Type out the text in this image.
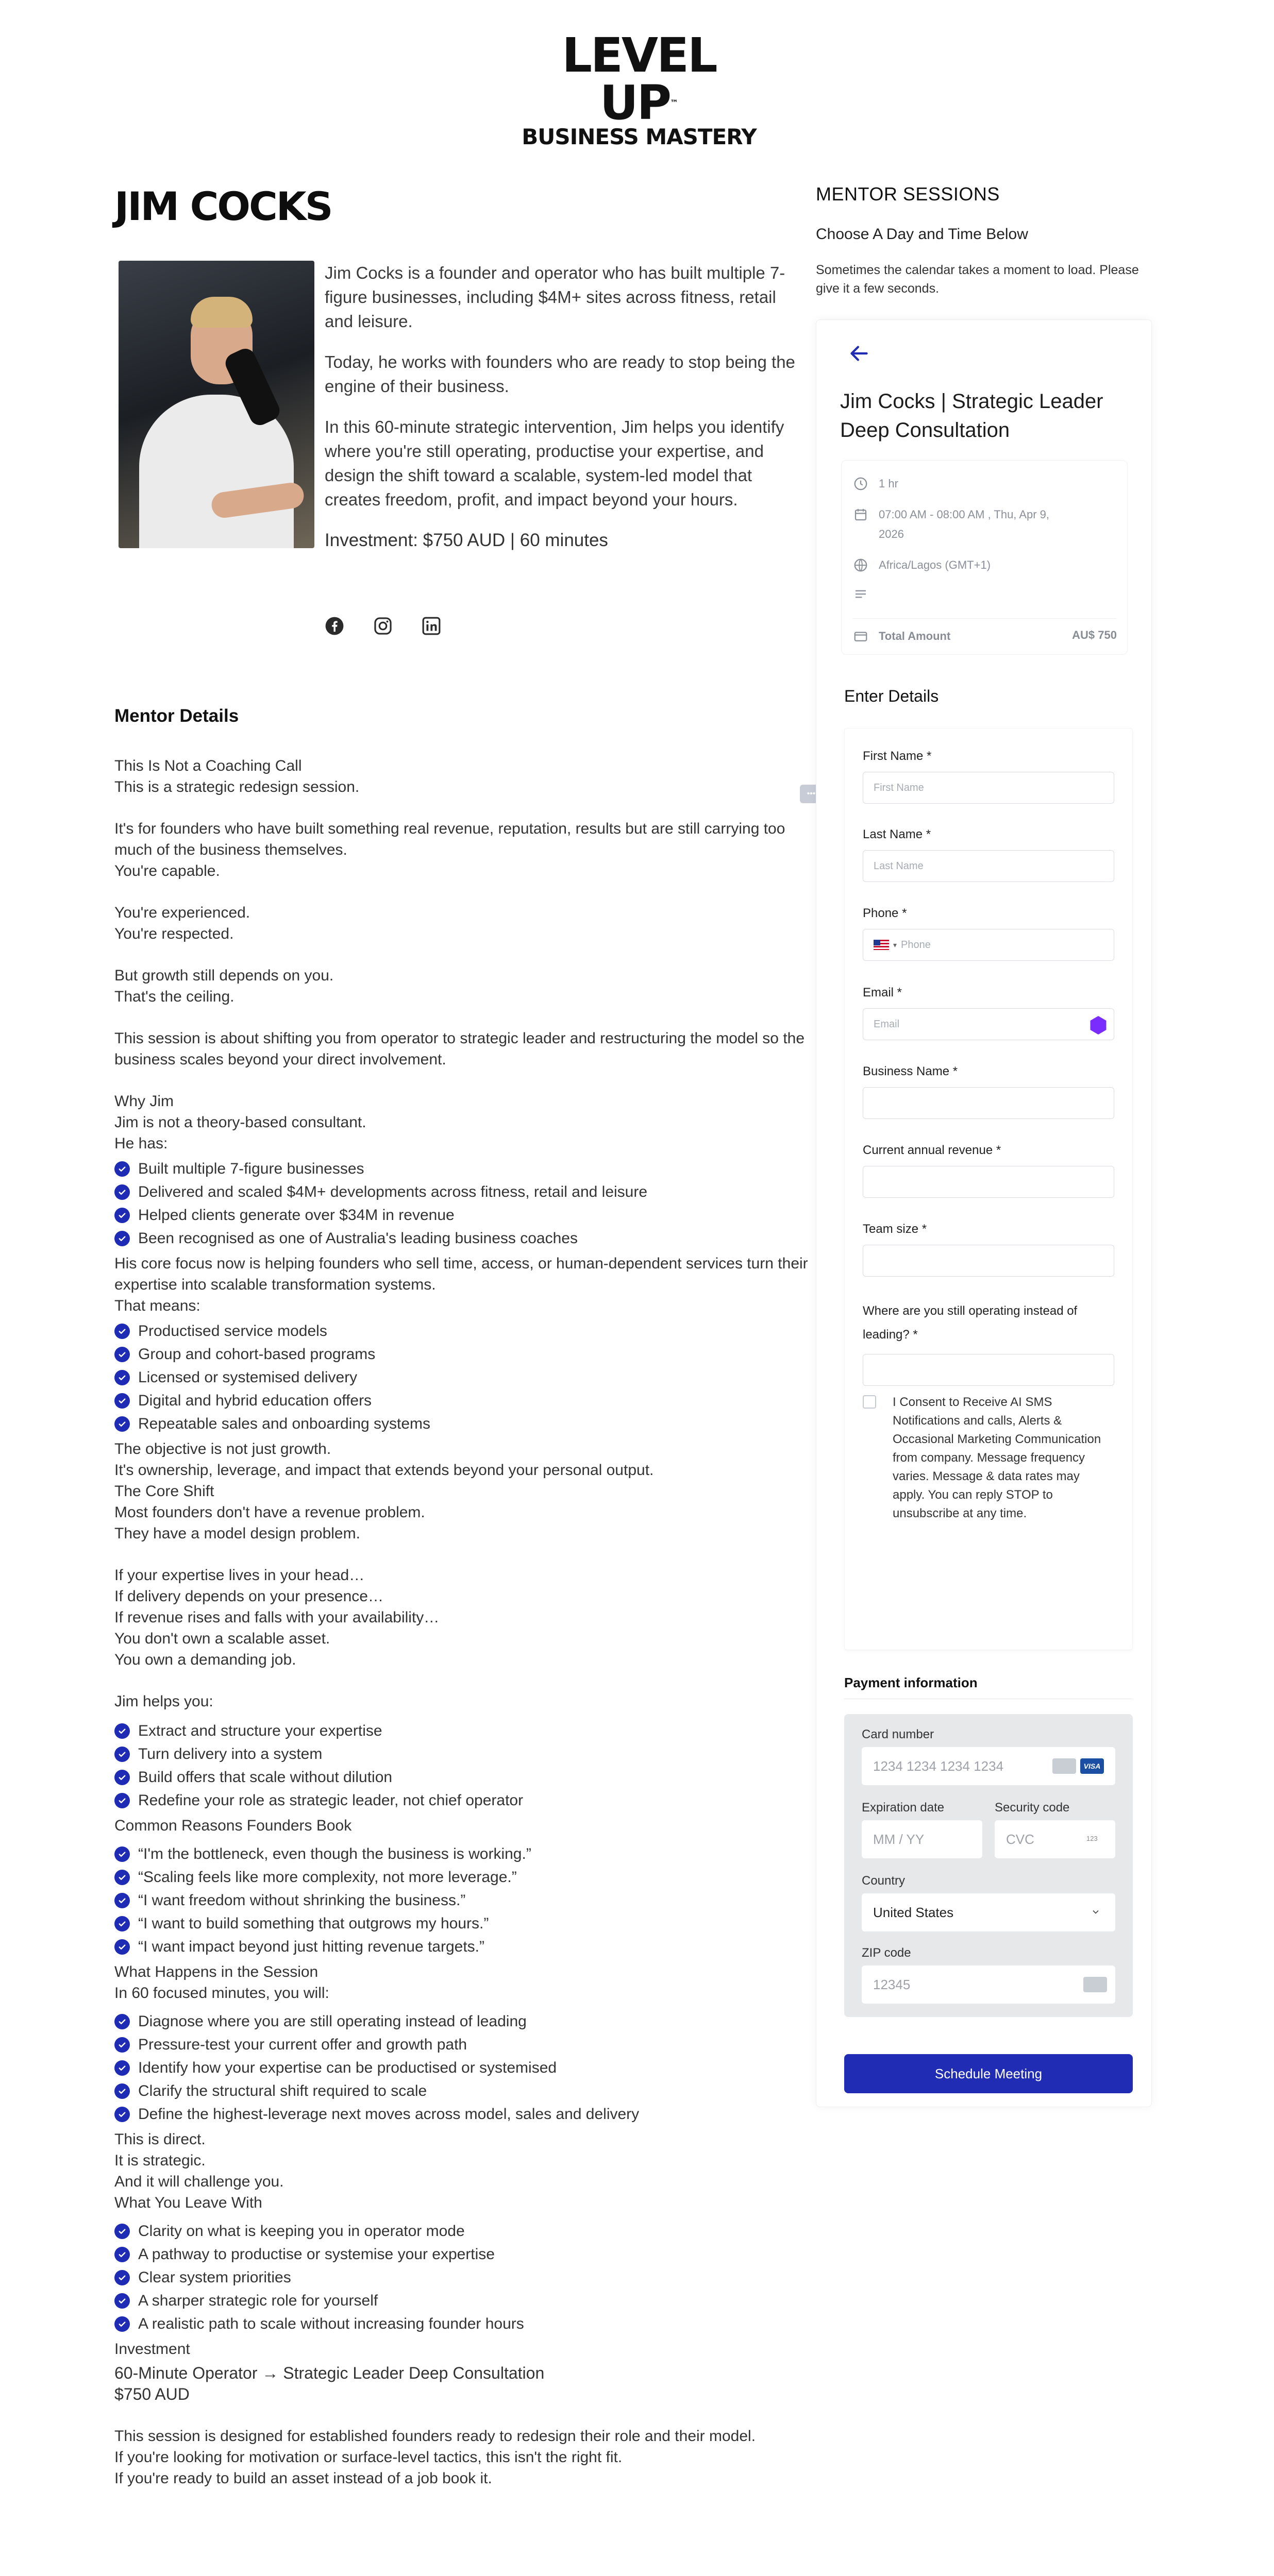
LEVEL UP™
BUSINESS MASTERY
JIM COCKS

Jim Cocks is a founder and operator who has built multiple 7-figure businesses, including $4M+ sites across fitness, retail and leisure.

Today, he works with founders who are ready to stop being the engine of their business.

In this 60-minute strategic intervention, Jim helps you identify where you're still operating, productise your expertise, and design the shift toward a scalable, system-led model that creates freedom, profit, and impact beyond your hours.

Investment: $750 AUD | 60 minutes
Mentor Details
•••
This Is Not a Coaching Call
This is a strategic redesign session.
It's for founders who have built something real revenue, reputation, results but are still carrying too much of the business themselves.
You're capable.
You're experienced.
You're respected.
But growth still depends on you.
That's the ceiling.
This session is about shifting you from operator to strategic leader and restructuring the model so the business scales beyond your direct involvement.
Why Jim
Jim is not a theory-based consultant.
He has:
Built multiple 7-figure businesses
Delivered and scaled $4M+ developments across fitness, retail and leisure
Helped clients generate over $34M in revenue
Been recognised as one of Australia's leading business coaches
His core focus now is helping founders who sell time, access, or human-dependent services turn their expertise into scalable transformation systems.
That means:
Productised service models
Group and cohort-based programs
Licensed or systemised delivery
Digital and hybrid education offers
Repeatable sales and onboarding systems
The objective is not just growth.
It's ownership, leverage, and impact that extends beyond your personal output.
The Core Shift
Most founders don't have a revenue problem.
They have a model design problem.
If your expertise lives in your head…
If delivery depends on your presence…
If revenue rises and falls with your availability…
You don't own a scalable asset.
You own a demanding job.
Jim helps you:
Extract and structure your expertise
Turn delivery into a system
Build offers that scale without dilution
Redefine your role as strategic leader, not chief operator
Common Reasons Founders Book
“I'm the bottleneck, even though the business is working.”
“Scaling feels like more complexity, not more leverage.”
“I want freedom without shrinking the business.”
“I want to build something that outgrows my hours.”
“I want impact beyond just hitting revenue targets.”
What Happens in the Session
In 60 focused minutes, you will:
Diagnose where you are still operating instead of leading
Pressure-test your current offer and growth path
Identify how your expertise can be productised or systemised
Clarify the structural shift required to scale
Define the highest-leverage next moves across model, sales and delivery
This is direct.
It is strategic.
And it will challenge you.
What You Leave With
Clarity on what is keeping you in operator mode
A pathway to productise or systemise your expertise
Clear system priorities
A sharper strategic role for yourself
A realistic path to scale without increasing founder hours
Investment
60-Minute Operator → Strategic Leader Deep Consultation
$750 AUD
This session is designed for established founders ready to redesign their role and their model.
If you're looking for motivation or surface-level tactics, this isn't the right fit.
If you're ready to build an asset instead of a job book it.
MENTOR SESSIONS
Choose A Day and Time Below
Sometimes the calendar takes a moment to load. Please give it a few seconds.
Jim Cocks | Strategic Leader Deep Consultation
1 hr
07:00 AM - 08:00 AM , Thu, Apr 9, 2026
Africa/Lagos (GMT+1)
Total Amount	AU$ 750
Enter Details
First Name *
First Name
Last Name *
Last Name
Phone *
▾ Phone
Email *
Email
Business Name *
Current annual revenue *
Team size *
Where are you still operating instead of leading? *
I Consent to Receive AI SMS Notifications and calls, Alerts & Occasional Marketing Communication from company. Message frequency varies. Message & data rates may apply. You can reply STOP to unsubscribe at any time.
Payment information
Card number
1234 1234 1234 1234	VISA
Expiration date
MM / YY
Security code
CVC	123
Country
United States
ZIP code
12345
Schedule Meeting
